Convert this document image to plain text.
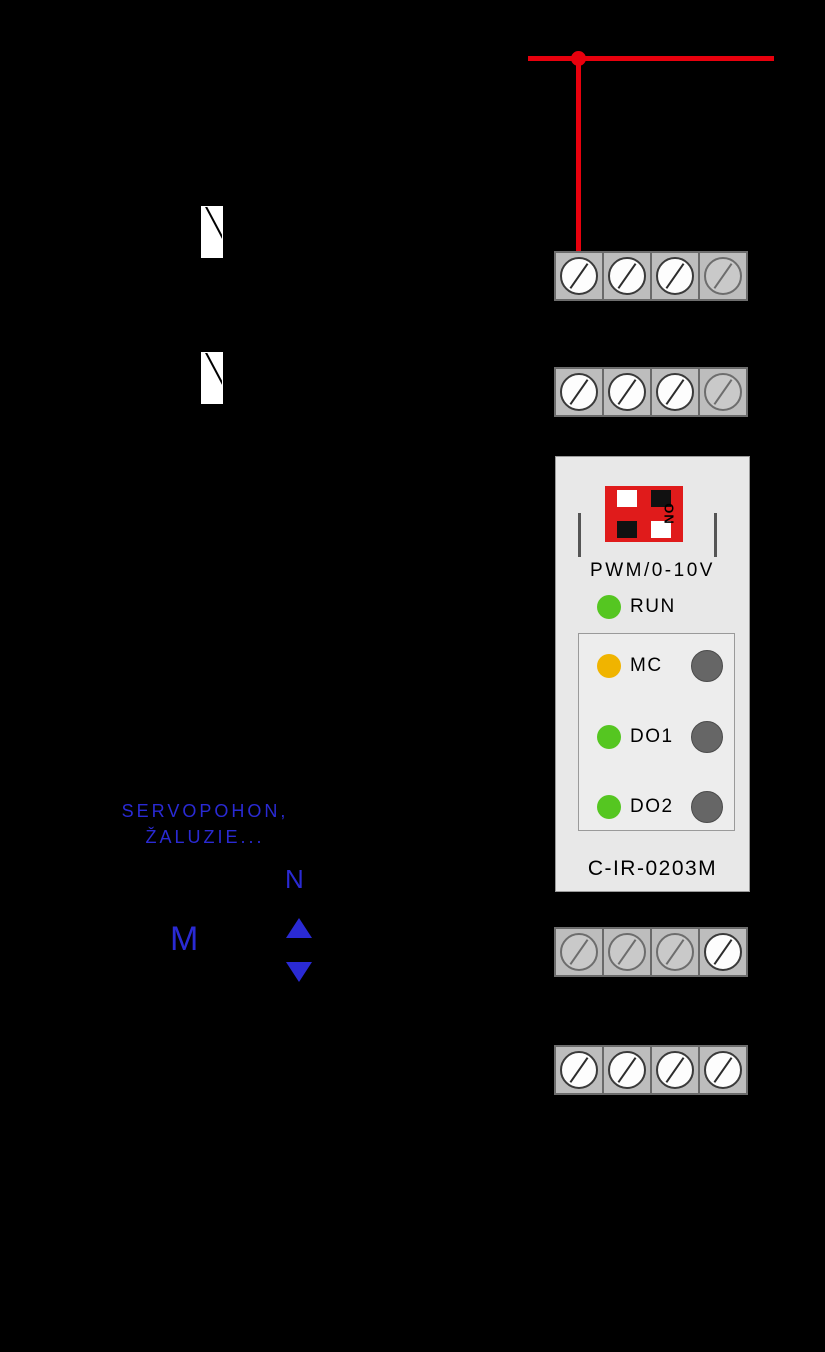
ON
PWM/0-10V
RUN
MC
DO1
DO2
C-IR-0203M
SERVOPOHON,
ŽALUZIE...
N
M
